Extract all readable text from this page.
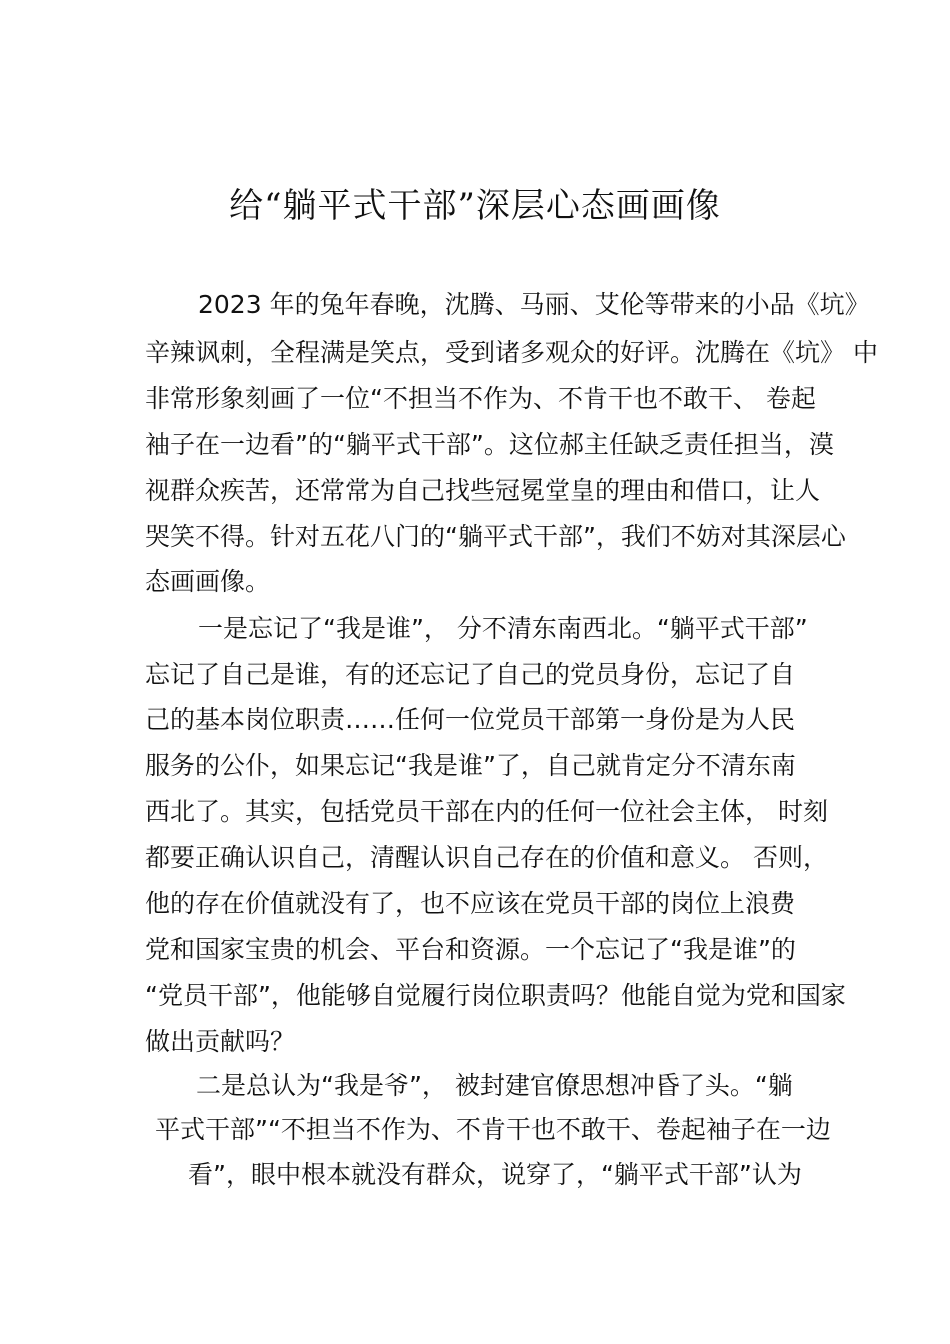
给“躺平式干部”深层心态画画像
2023 年的兔年春晚，沈腾、马丽、艾伦等带来的小品《坑》
辛辣讽刺，全程满是笑点，受到诸多观众的好评。沈腾在《坑》 中
非常形象刻画了一位“不担当不作为、不肯干也不敢干、 卷起
袖子在一边看”的“躺平式干部”。这位郝主任缺乏责任担当，漠
视群众疾苦，还常常为自己找些冠冕堂皇的理由和借口，让人
哭笑不得。针对五花八门的“躺平式干部”，我们不妨对其深层心
态画画像。
一是忘记了“我是谁”， 分不清东南西北。“躺平式干部”
忘记了自己是谁，有的还忘记了自己的党员身份，忘记了自
己的基本岗位职责……任何一位党员干部第一身份是为人民
服务的公仆，如果忘记“我是谁”了，自己就肯定分不清东南
西北了。其实，包括党员干部在内的任何一位社会主体， 时刻
都要正确认识自己，清醒认识自己存在的价值和意义。 否则，
他的存在价值就没有了，也不应该在党员干部的岗位上浪费
党和国家宝贵的机会、平台和资源。一个忘记了“我是谁”的
“党员干部”，他能够自觉履行岗位职责吗？他能自觉为党和国家
做出贡献吗？
二是总认为“我是爷”， 被封建官僚思想冲昏了头。“躺
平式干部”“不担当不作为、不肯干也不敢干、卷起袖子在一边
看”，眼中根本就没有群众，说穿了，“躺平式干部”认为
